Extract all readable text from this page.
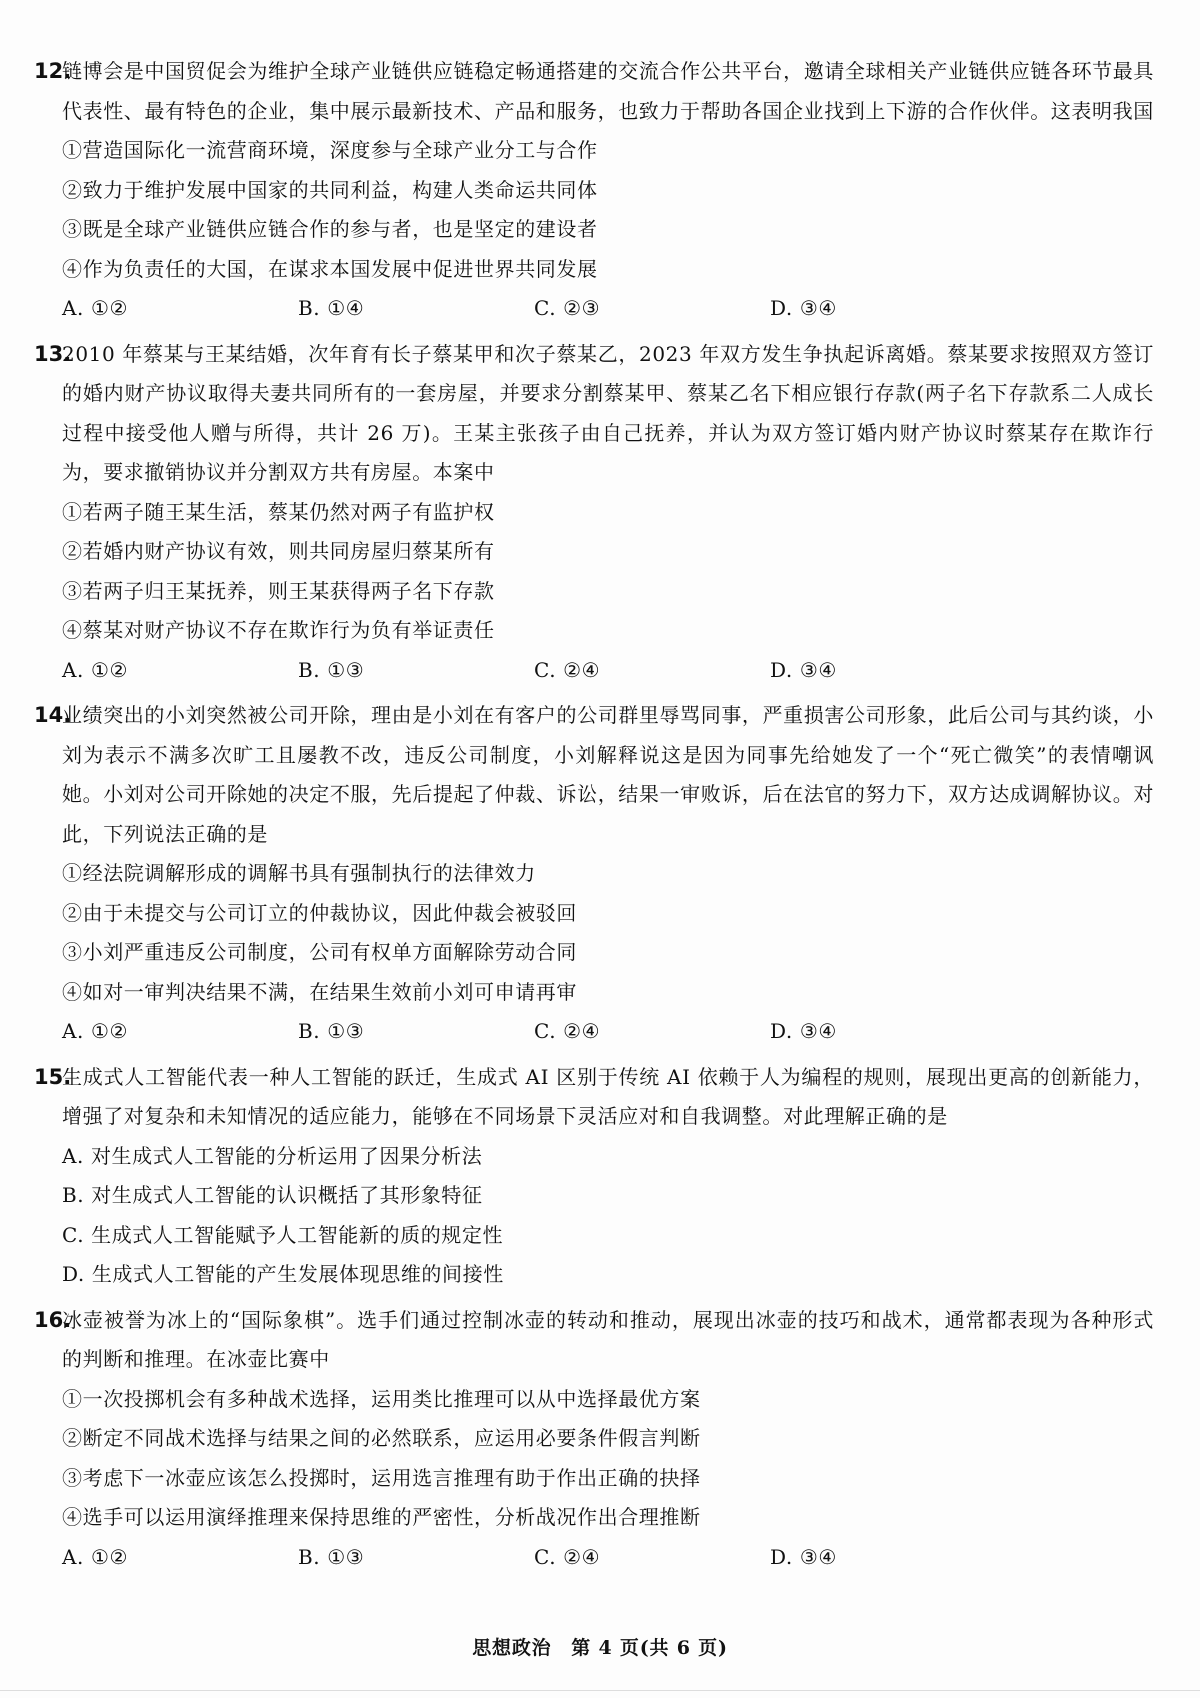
12.
链博会是中国贸促会为维护全球产业链供应链稳定畅通搭建的交流合作公共平台，邀请全球相关产业链供应链各环节最具代表性、最有特色的企业，集中展示最新技术、产品和服务，也致力于帮助各国企业找到上下游的合作伙伴。这表明我国
①营造国际化一流营商环境，深度参与全球产业分工与合作
②致力于维护发展中国家的共同利益，构建人类命运共同体
③既是全球产业链供应链合作的参与者，也是坚定的建设者
④作为负责任的大国，在谋求本国发展中促进世界共同发展
A. ①②	B. ①④	C. ②③	D. ③④
13.
2010 年蔡某与王某结婚，次年育有长子蔡某甲和次子蔡某乙，2023 年双方发生争执起诉离婚。蔡某要求按照双方签订的婚内财产协议取得夫妻共同所有的一套房屋，并要求分割蔡某甲、蔡某乙名下相应银行存款(两子名下存款系二人成长过程中接受他人赠与所得，共计 26 万)。王某主张孩子由自己抚养，并认为双方签订婚内财产协议时蔡某存在欺诈行为，要求撤销协议并分割双方共有房屋。本案中
①若两子随王某生活，蔡某仍然对两子有监护权
②若婚内财产协议有效，则共同房屋归蔡某所有
③若两子归王某抚养，则王某获得两子名下存款
④蔡某对财产协议不存在欺诈行为负有举证责任
A. ①②	B. ①③	C. ②④	D. ③④
14.
业绩突出的小刘突然被公司开除，理由是小刘在有客户的公司群里辱骂同事，严重损害公司形象，此后公司与其约谈，小刘为表示不满多次旷工且屡教不改，违反公司制度，小刘解释说这是因为同事先给她发了一个“死亡微笑”的表情嘲讽她。小刘对公司开除她的决定不服，先后提起了仲裁、诉讼，结果一审败诉，后在法官的努力下，双方达成调解协议。对此，下列说法正确的是
①经法院调解形成的调解书具有强制执行的法律效力
②由于未提交与公司订立的仲裁协议，因此仲裁会被驳回
③小刘严重违反公司制度，公司有权单方面解除劳动合同
④如对一审判决结果不满，在结果生效前小刘可申请再审
A. ①②	B. ①③	C. ②④	D. ③④
15.
生成式人工智能代表一种人工智能的跃迁，生成式 AI 区别于传统 AI 依赖于人为编程的规则，展现出更高的创新能力，增强了对复杂和未知情况的适应能力，能够在不同场景下灵活应对和自我调整。对此理解正确的是
A. 对生成式人工智能的分析运用了因果分析法
B. 对生成式人工智能的认识概括了其形象特征
C. 生成式人工智能赋予人工智能新的质的规定性
D. 生成式人工智能的产生发展体现思维的间接性
16.
冰壶被誉为冰上的“国际象棋”。选手们通过控制冰壶的转动和推动，展现出冰壶的技巧和战术，通常都表现为各种形式的判断和推理。在冰壶比赛中
①一次投掷机会有多种战术选择，运用类比推理可以从中选择最优方案
②断定不同战术选择与结果之间的必然联系，应运用必要条件假言判断
③考虑下一冰壶应该怎么投掷时，运用选言推理有助于作出正确的抉择
④选手可以运用演绎推理来保持思维的严密性，分析战况作出合理推断
A. ①②	B. ①③	C. ②④	D. ③④
思想政治　第 4 页(共 6 页)
